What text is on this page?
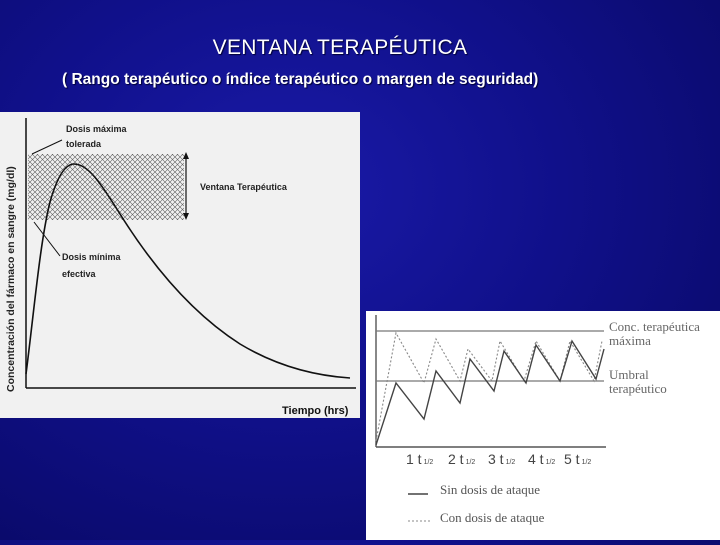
VENTANA TERAPÉUTICA
( Rango terapéutico o índice terapéutico o margen de seguridad)
Dosis máxima tolerada
Ventana Terapéutica
Dosis mínima efectiva
Tiempo (hrs)
Concentración del fármaco en sangre (mg/dl)	Conc. terapéutica máxima
Umbral terapéutico
1 t 1/2 2 t 1/2 3 t 1/2 4 t 1/2 5 t 1/2
Sin dosis de ataque
Con dosis de ataque
